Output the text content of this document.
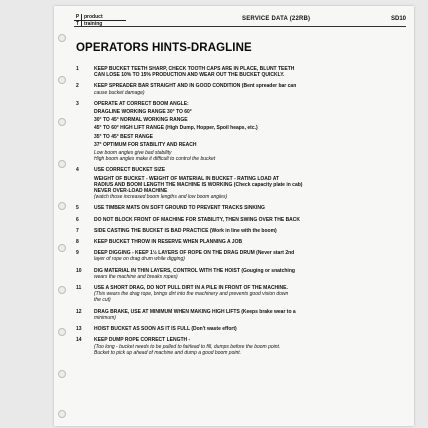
P product
T training
SERVICE DATA (22RB)	SD10
OPERATORS HINTS-DRAGLINE
1	KEEP BUCKET TEETH SHARP, CHECK TOOTH CAPS ARE IN PLACE, BLUNT TEETH
CAN LOSE 10% TO 15% PRODUCTION AND WEAR OUT THE BUCKET QUICKLY.
2	KEEP SPREADER BAR STRAIGHT AND IN GOOD CONDITION (Bent spreader bar can
cause bucket damage)
3	OPERATE AT CORRECT BOOM ANGLE:
DRAGLINE WORKING RANGE 30° TO 60°
30° TO 45° NORMAL WORKING RANGE
45° TO 60° HIGH LIFT RANGE (High Dump, Hopper, Spoil heaps, etc.)
35° TO 45° BEST RANGE
37° OPTIMUM FOR STABILITY AND REACH
Low boom angles give bad stability
High boom angles make it difficult to control the bucket
4	USE CORRECT BUCKET SIZE
WEIGHT OF BUCKET - WEIGHT OF MATERIAL IN BUCKET - RATING LOAD AT
RADIUS AND BOOM LENGTH THE MACHINE IS WORKING (Check capacity plate in cab)
NEVER OVER-LOAD MACHINE
(watch those increased boom lengths and low boom angles)
5	USE TIMBER MATS ON SOFT GROUND TO PREVENT TRACKS SINKING
6	DO NOT BLOCK FRONT OF MACHINE FOR STABILITY, THEN SWING OVER THE BACK
7	SIDE CASTING THE BUCKET IS BAD PRACTICE (Work in line with the boom)
8	KEEP BUCKET THROW IN RESERVE WHEN PLANNING A JOB
9	DEEP DIGGING - KEEP 1½ LAYERS OF ROPE ON THE DRAG DRUM (Never start 2nd
layer of rope on drag drum while digging)
10	DIG MATERIAL IN THIN LAYERS, CONTROL WITH THE HOIST (Gouging or snatching
wears the machine and breaks ropes)
11	USE A SHORT DRAG, DO NOT PULL DIRT IN A PILE IN FRONT OF THE MACHINE.
(This wears the drag rope, brings dirt into the machinery and prevents good vision down
the cut)
12	DRAG BRAKE, USE AT MINIMUM WHEN MAKING HIGH LIFTS (Keeps brake wear to a
minimum)
13	HOIST BUCKET AS SOON AS IT IS FULL (Don't waste effort)
14	KEEP DUMP ROPE CORRECT LENGTH -
(Too long - bucket needs to be pulled to fairlead to fill, dumps before the boom point.
Bucket to pick up ahead of machine and dump a good boom point.
